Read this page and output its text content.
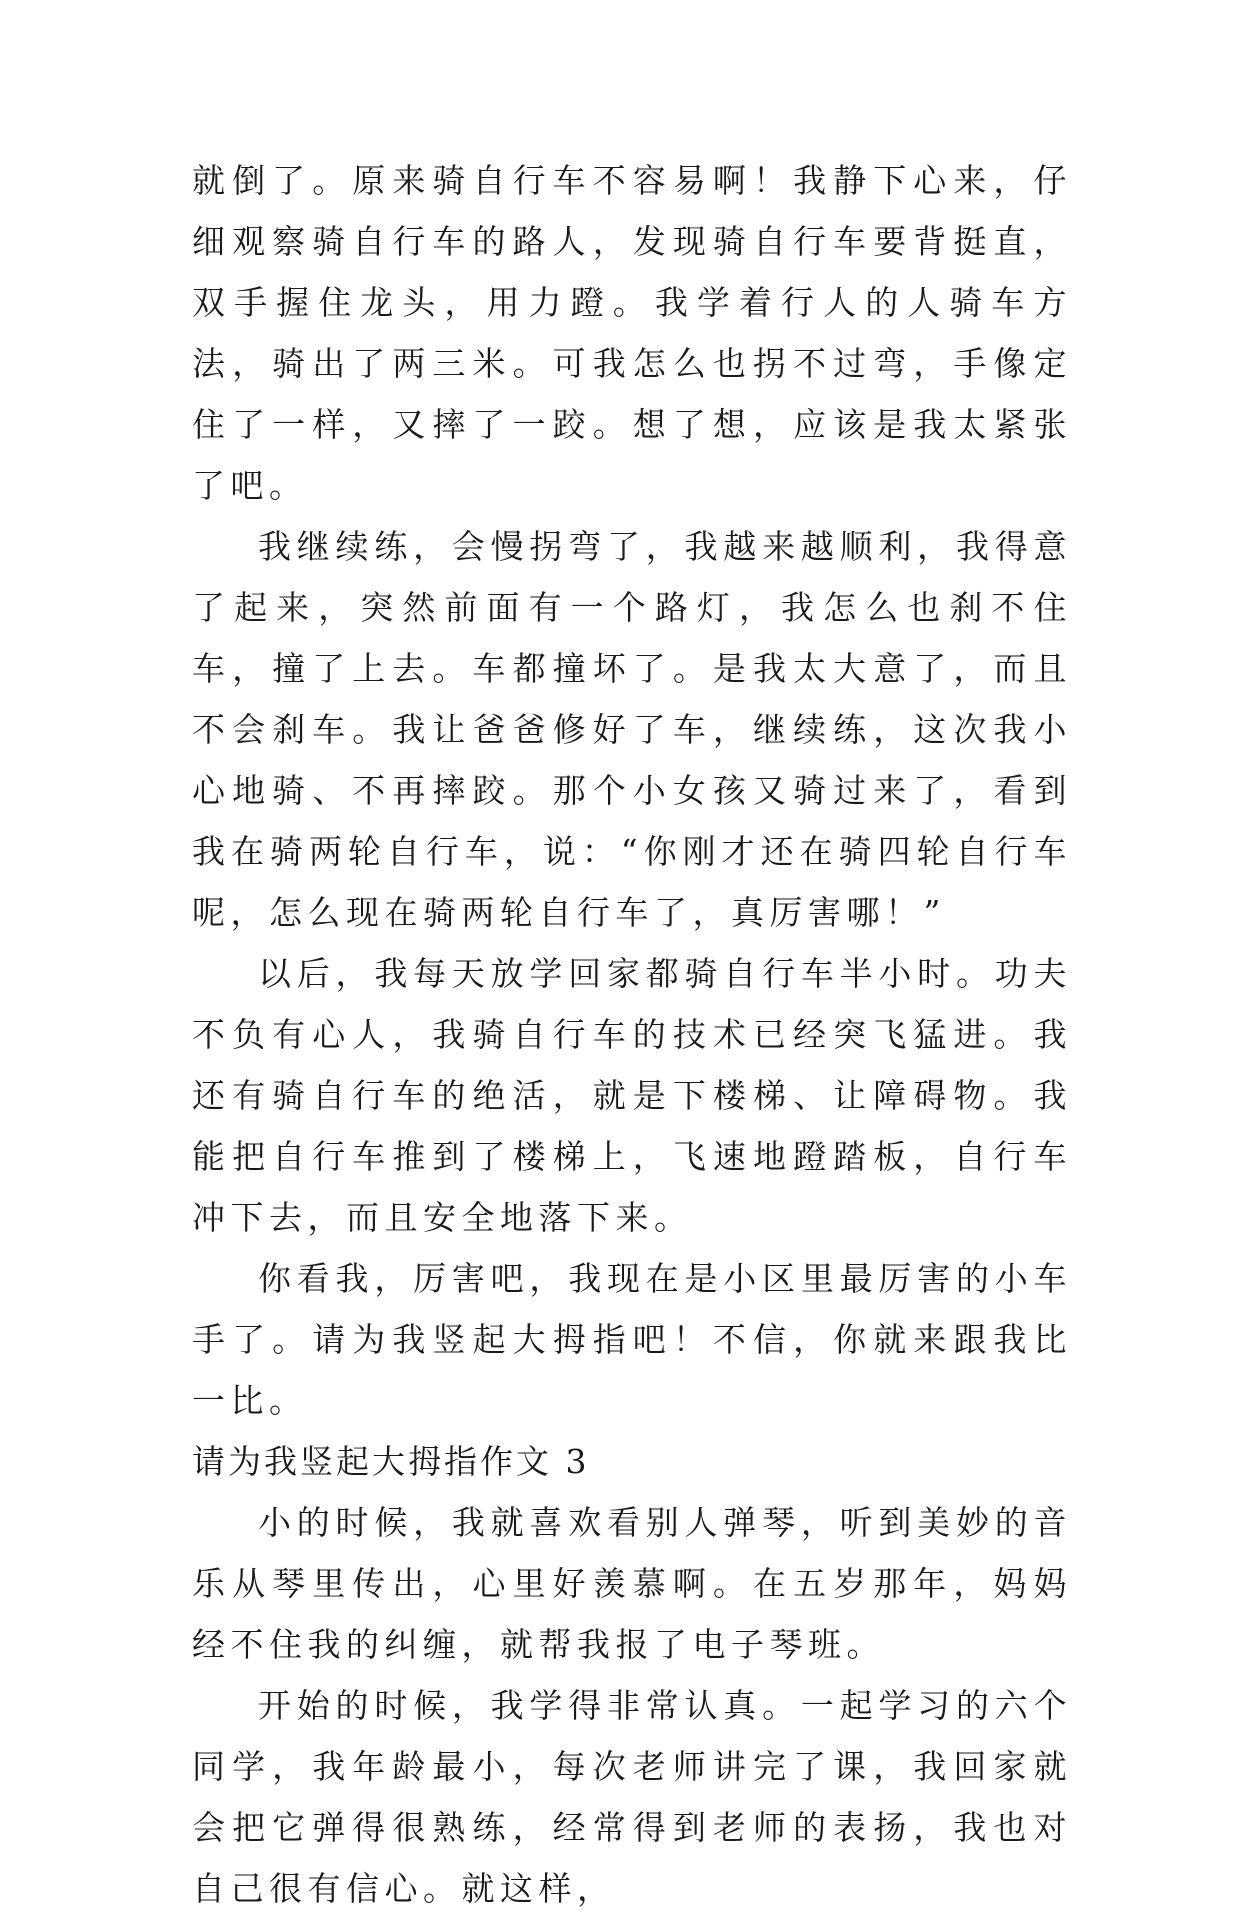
就倒了。原来骑自行车不容易啊！我静下心来，仔细观察骑自行车的路人，发现骑自行车要背挺直，双手握住龙头，用力蹬。我学着行人的人骑车方法，骑出了两三米。可我怎么也拐不过弯，手像定住了一样，又摔了一跤。想了想，应该是我太紧张了吧。

我继续练，会慢拐弯了，我越来越顺利，我得意了起来，突然前面有一个路灯，我怎么也刹不住车，撞了上去。车都撞坏了。是我太大意了，而且不会刹车。我让爸爸修好了车，继续练，这次我小心地骑、不再摔跤。那个小女孩又骑过来了，看到我在骑两轮自行车，说：“你刚才还在骑四轮自行车呢，怎么现在骑两轮自行车了，真厉害哪！”

以后，我每天放学回家都骑自行车半小时。功夫不负有心人，我骑自行车的技术已经突飞猛进。我还有骑自行车的绝活，就是下楼梯、让障碍物。我能把自行车推到了楼梯上，飞速地蹬踏板，自行车冲下去，而且安全地落下来。

你看我，厉害吧，我现在是小区里最厉害的小车手了。请为我竖起大拇指吧！不信，你就来跟我比一比。

请为我竖起大拇指作文 3

小的时候，我就喜欢看别人弹琴，听到美妙的音乐从琴里传出，心里好羡慕啊。在五岁那年，妈妈经不住我的纠缠，就帮我报了电子琴班。

开始的时候，我学得非常认真。一起学习的六个同学，我年龄最小，每次老师讲完了课，我回家就会把它弹得很熟练，经常得到老师的表扬，我也对自己很有信心。就这样，
